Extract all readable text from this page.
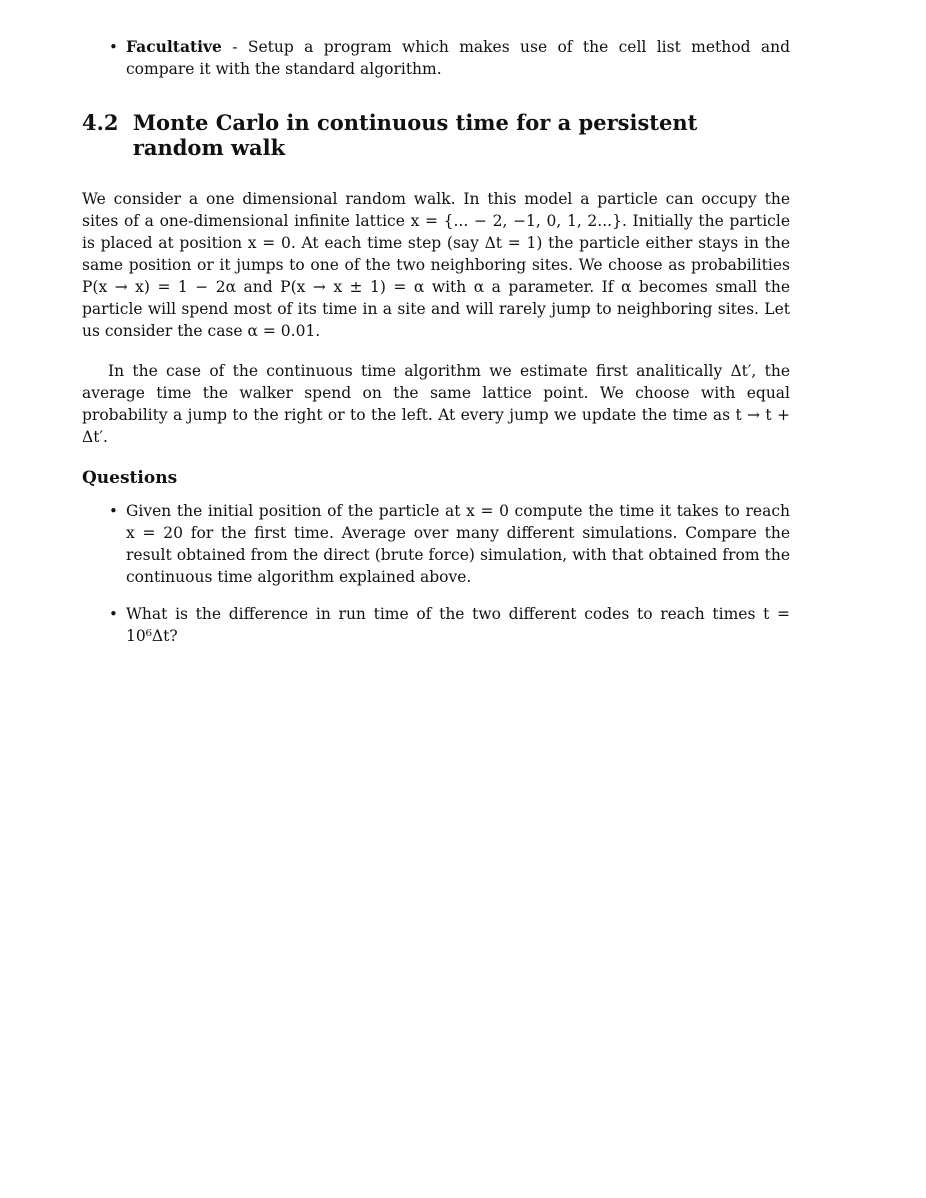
• Facultative - Setup a program which makes use of the cell list method and compare it with the standard algorithm.
4.2 Monte Carlo in continuous time for a persistent random walk

We consider a one dimensional random walk. In this model a particle can occupy the sites of a one-dimensional infinite lattice x = {... − 2, −1, 0, 1, 2...}. Initially the particle is placed at position x = 0. At each time step (say Δt = 1) the particle either stays in the same position or it jumps to one of the two neighboring sites. We choose as probabilities P(x → x) = 1 − 2α and P(x → x ± 1) = α with α a parameter. If α becomes small the particle will spend most of its time in a site and will rarely jump to neighboring sites. Let us consider the case α = 0.01.

In the case of the continuous time algorithm we estimate first analitically Δt′, the average time the walker spend on the same lattice point. We choose with equal probability a jump to the right or to the left. At every jump we update the time as t → t + Δt′.

Questions
• Given the initial position of the particle at x = 0 compute the time it takes to reach x = 20 for the first time. Average over many different simulations. Compare the result obtained from the direct (brute force) simulation, with that obtained from the continuous time algorithm explained above.
• What is the difference in run time of the two different codes to reach times t = 10⁶Δt?
